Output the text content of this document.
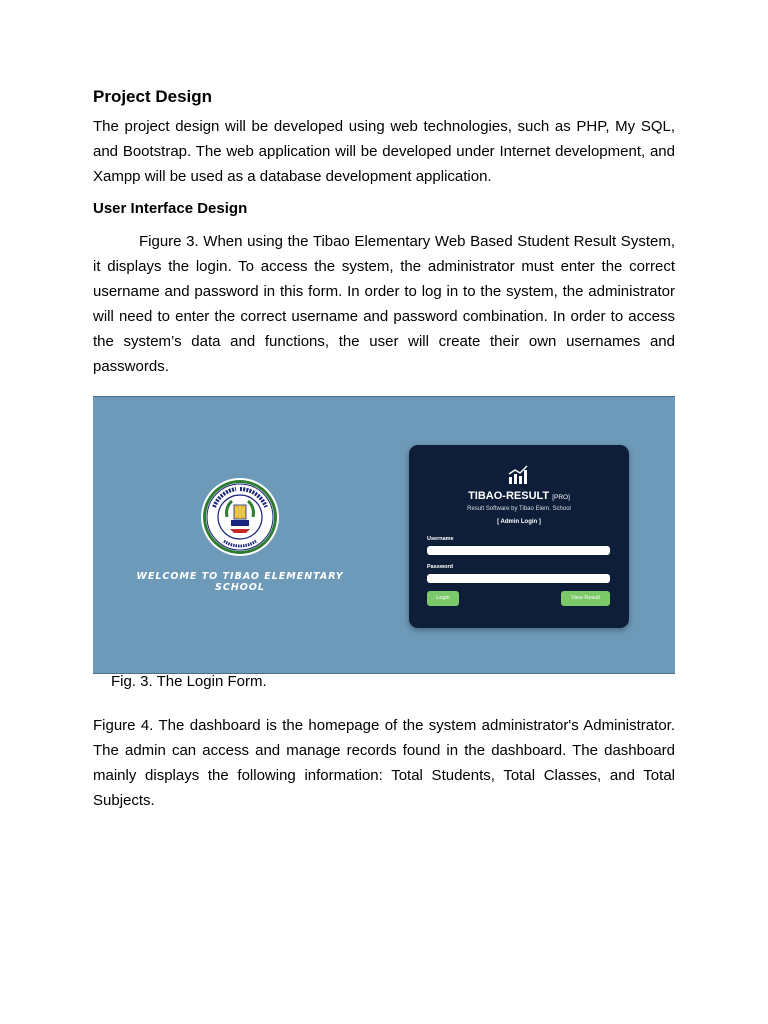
Project Design

The project design will be developed using web technologies, such as PHP, My SQL, and Bootstrap. The web application will be developed under Internet development, and Xampp will be used as a database development application.

User Interface Design

Figure 3. When using the Tibao Elementary Web Based Student Result System, it displays the login. To access the system, the administrator must enter the correct username and password in this form. In order to log in to the system, the administrator will need to enter the correct username and password combination. In order to access the system’s data and functions, the user will create their own usernames and passwords.

WELCOME TO TIBAO ELEMENTARY SCHOOL
TIBAO-RESULT [PRO]
Result Software by Tibao Elem. School
[ Admin Login ]
Username
Password
Login	View Result
Fig. 3. The Login Form.

Figure 4. The dashboard is the homepage of the system administrator's Administrator. The admin can access and manage records found in the dashboard. The dashboard mainly displays the following information: Total Students, Total Classes, and Total Subjects.
